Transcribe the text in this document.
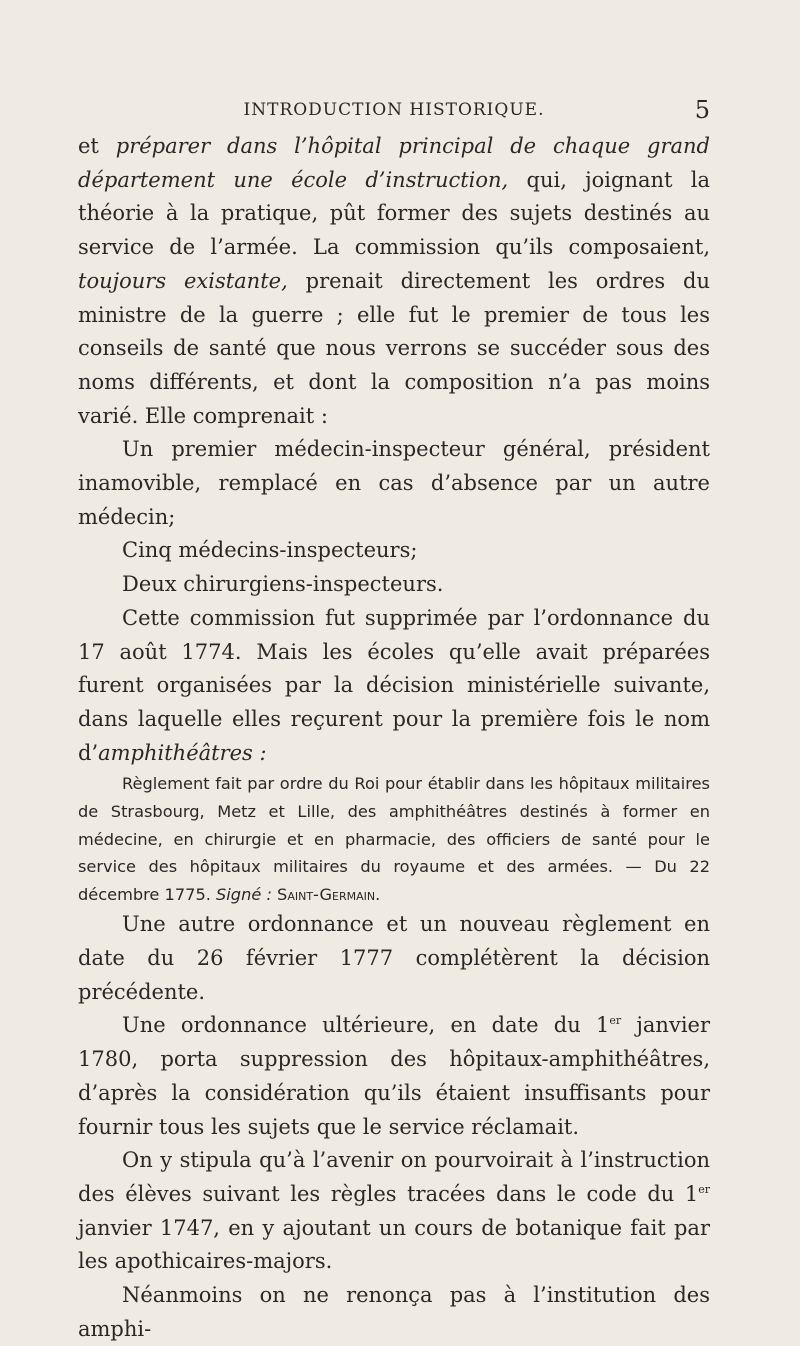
INTRODUCTION HISTORIQUE.	5

et préparer dans l’hôpital principal de chaque grand département une école d’instruction, qui, joignant la théorie à la pratique, pût former des sujets destinés au service de l’armée. La commission qu’ils composaient, toujours existante, prenait directement les ordres du ministre de la guerre ; elle fut le premier de tous les conseils de santé que nous verrons se succéder sous des noms différents, et dont la composition n’a pas moins varié. Elle comprenait :

Un premier médecin-inspecteur général, président inamovible, remplacé en cas d’absence par un autre médecin;

Cinq médecins-inspecteurs;

Deux chirurgiens-inspecteurs.

Cette commission fut supprimée par l’ordonnance du 17 août 1774. Mais les écoles qu’elle avait préparées furent organisées par la décision ministérielle suivante, dans laquelle elles reçurent pour la première fois le nom d’amphithéâtres :

Règlement fait par ordre du Roi pour établir dans les hôpitaux militaires de Strasbourg, Metz et Lille, des amphithéâtres destinés à former en médecine, en chirurgie et en pharmacie, des officiers de santé pour le service des hôpitaux militaires du royaume et des armées. — Du 22 décembre 1775. Signé : Saint-Germain.

Une autre ordonnance et un nouveau règlement en date du 26 février 1777 complétèrent la décision précédente.

Une ordonnance ultérieure, en date du 1er janvier 1780, porta suppression des hôpitaux-amphithéâtres, d’après la considération qu’ils étaient insuffisants pour fournir tous les sujets que le service réclamait.

On y stipula qu’à l’avenir on pourvoirait à l’instruction des élèves suivant les règles tracées dans le code du 1er janvier 1747, en y ajoutant un cours de botanique fait par les apothicaires-majors.

Néanmoins on ne renonça pas à l’institution des amphi-
